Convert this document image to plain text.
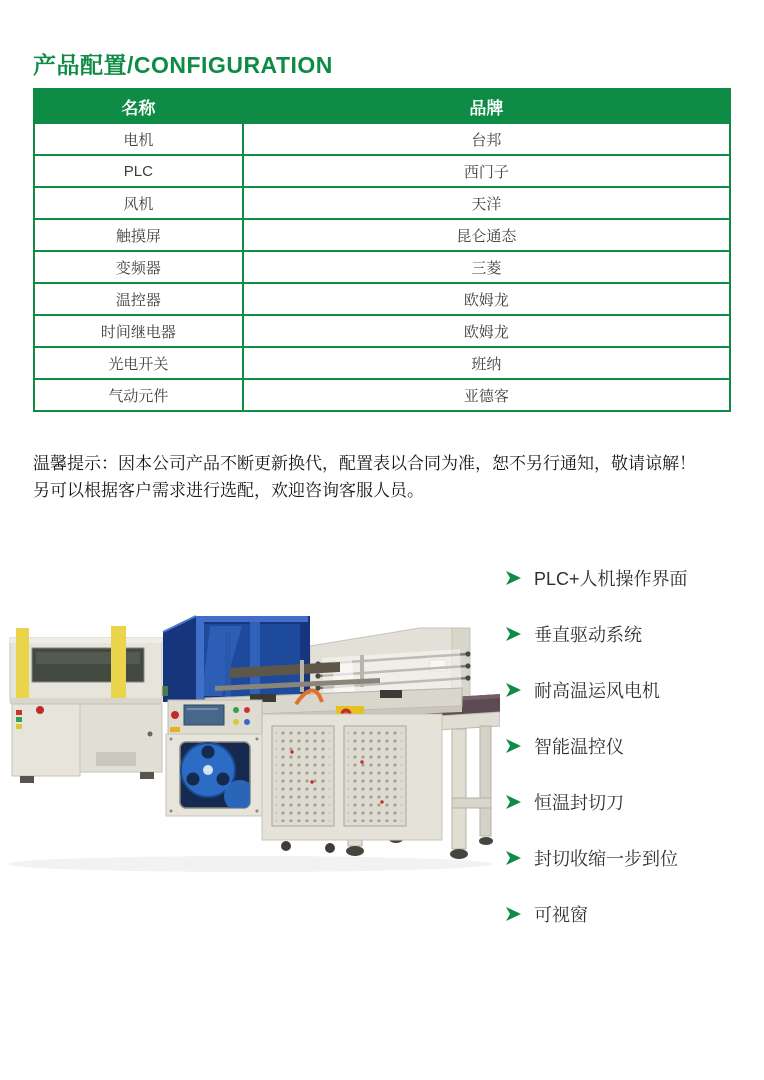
产品配置/CONFIGURATION
名称	品牌
电机	台邦
PLC	西门子
风机	天洋
触摸屏	昆仑通态
变频器	三菱
温控器	欧姆龙
时间继电器	欧姆龙
光电开关	班纳
气动元件	亚德客
温馨提示：因本公司产品不断更新换代，配置表以合同为准，恕不另行通知，敬请谅解！
另可以根据客户需求进行选配，欢迎咨询客服人员。
PLC+人机操作界面
垂直驱动系统
耐高温运风电机
智能温控仪
恒温封切刀
封切收缩一步到位
可视窗
